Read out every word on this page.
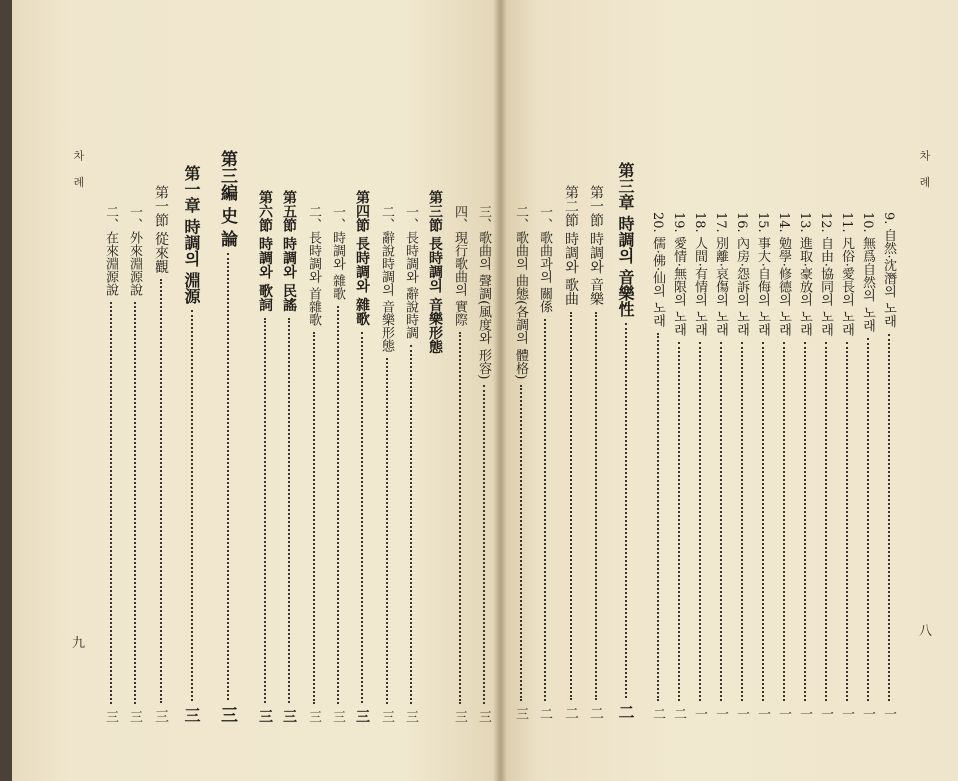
차 례
九
三、歌曲의 聲調(風度와 形容)
三
四、現行歌曲의 實際
三
第三節 長時調의 音樂形態
一、長時調와 辭說時調
三
二、辭說時調의 音樂形態
三
第四節 長時調와 雜歌
三
一、時調와 雜歌
三
二、長時調와 首雜歌
三
第五節 時調와 民謠
三
第六節 時調와 歌詞
三
第三編 史 論
三
第一章 時調의 淵源
三
第一節 從來觀
三
一、外來淵源說
三
二、在來淵源說
三
차 례
八
9. 自然·沈潛의 노래
一
10. 無爲自然의 노래
一
11. 凡俗·愛長의 노래
一
12. 自由·協同의 노래
一
13. 進取·豪放의 노래
一
14. 勉學·修德의 노래
一
15. 事大·自侮의 노래
一
16. 內房·怨訴의 노래
一
17. 別離·哀傷의 노래
一
18. 人間·有情의 노래
一
19. 愛情·無限의 노래
二
20. 儒·佛·仙의 노래
二
第三章 時調의 音樂性
二
第一節 時調와 音樂
二
第二節 時調와 歌曲
二
一、歌曲과의 關係
二
二、歌曲의 曲態(各調의 體格)
三
